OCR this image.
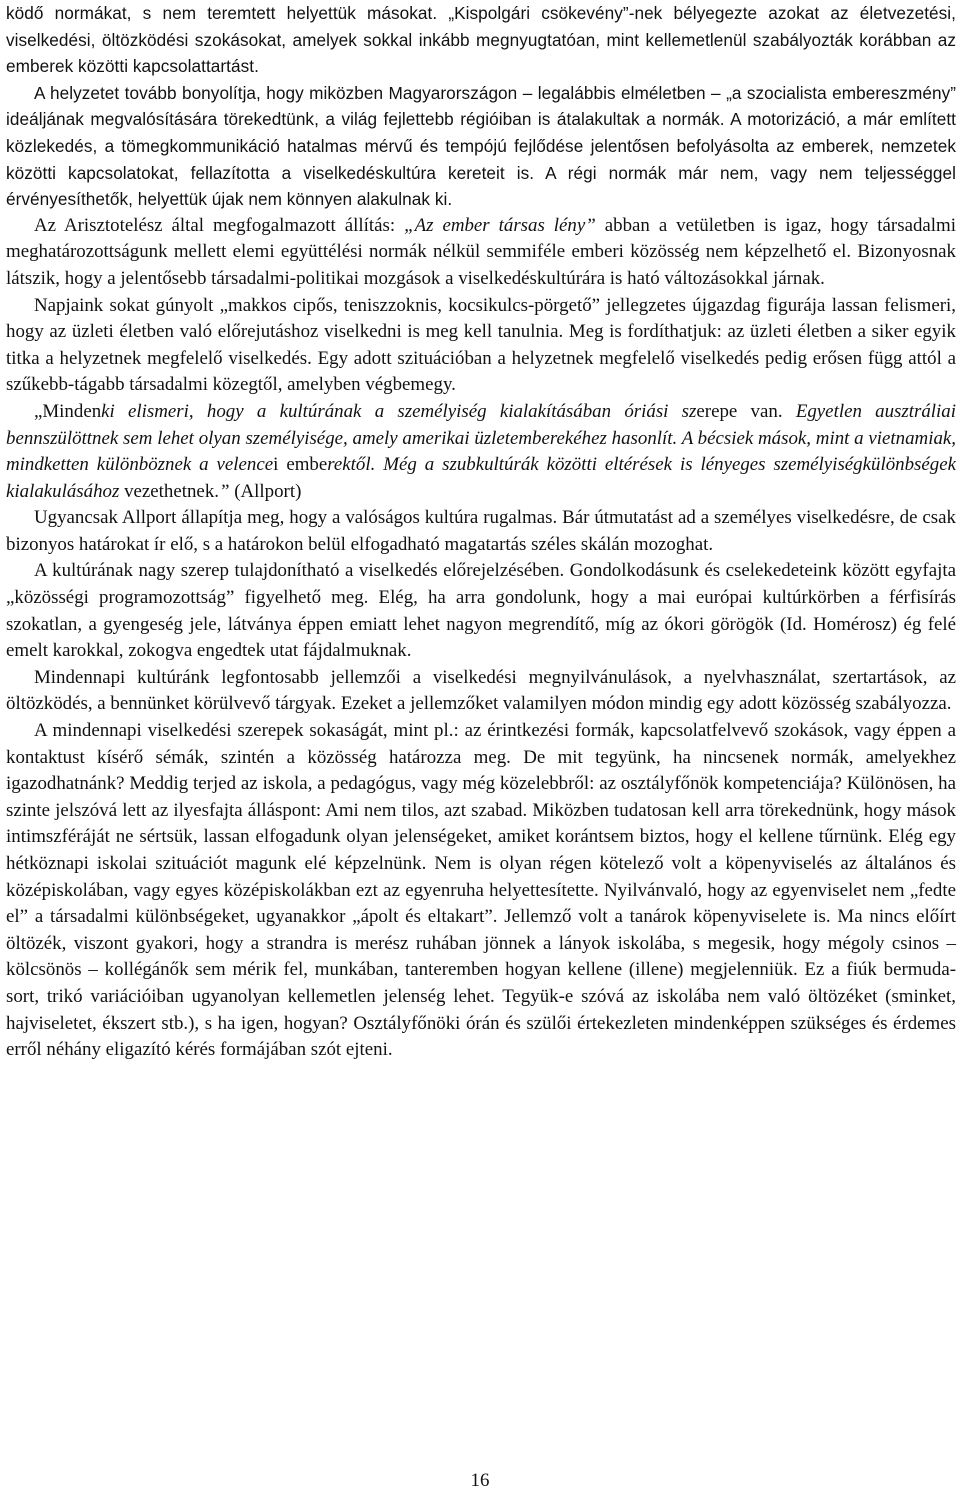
ködő normákat, s nem teremtett helyettük másokat. „Kispolgári csökevény”-nek bélyegezte azokat az életvezetési, viselkedési, öltözködési szokásokat, amelyek sokkal inkább megnyugtatóan, mint kellemetlenül szabályozták korábban az emberek közötti kapcsolattartást.

A helyzetet tovább bonyolítja, hogy miközben Magyarországon – legalábbis elméletben – „a szocialista embereszmény” ideáljának megvalósítására törekedtünk, a világ fejlettebb régióiban is átalakultak a normák. A motorizáció, a már említett közlekedés, a tömegkommunikáció hatalmas mérvű és tempójú fejlődése jelentősen befolyásolta az emberek, nemzetek közötti kapcsolatokat, fellazította a viselkedéskultúra kereteit is. A régi normák már nem, vagy nem teljességgel érvényesíthetők, helyettük újak nem könnyen alakulnak ki.

Az Arisztotelész által megfogalmazott állítás: „Az ember társas lény” abban a vetületben is igaz, hogy társadalmi meghatározottságunk mellett elemi együttélési normák nélkül semmiféle emberi közösség nem képzelhető el. Bizonyosnak látszik, hogy a jelentősebb társadalmi-politikai mozgások a viselkedéskultúrára is ható változásokkal járnak.

Napjaink sokat gúnyolt „makkos cipős, teniszzoknis, kocsikulcs-pörgető” jellegzetes újgazdag figurája lassan felismeri, hogy az üzleti életben való előrejutáshoz viselkedni is meg kell tanulnia. Meg is fordíthatjuk: az üzleti életben a siker egyik titka a helyzetnek megfelelő viselkedés. Egy adott szituációban a helyzetnek megfelelő viselkedés pedig erősen függ attól a szűkebb-tágabb társadalmi közegtől, amelyben végbemegy.

„Mindenki elismeri, hogy a kultúrának a személyiség kialakításában óriási szerepe van. Egyetlen ausztráliai bennszülöttnek sem lehet olyan személyisége, amely amerikai üzletemberekéhez hasonlít. A bécsiek mások, mint a vietnamiak, mindketten különböznek a velencei emberektől. Még a szubkultúrák közötti eltérések is lényeges személyiségkülönbségek kialakulásához vezethetnek.” (Allport)

Ugyancsak Allport állapítja meg, hogy a valóságos kultúra rugalmas. Bár útmutatást ad a személyes viselkedésre, de csak bizonyos határokat ír elő, s a határokon belül elfogadható magatartás széles skálán mozoghat.

A kultúrának nagy szerep tulajdonítható a viselkedés előrejelzésében. Gondolkodásunk és cselekedeteink között egyfajta „közösségi programozottság” figyelhető meg. Elég, ha arra gondolunk, hogy a mai európai kultúrkörben a férfisírás szokatlan, a gyengeség jele, látványa éppen emiatt lehet nagyon megrendítő, míg az ókori görögök (Id. Homérosz) ég felé emelt karokkal, zokogva engedtek utat fájdalmuknak.

Mindennapi kultúránk legfontosabb jellemzői a viselkedési megnyilvánulások, a nyelvhasználat, szertartások, az öltözködés, a bennünket körülvevő tárgyak. Ezeket a jellemzőket valamilyen módon mindig egy adott közösség szabályozza.

A mindennapi viselkedési szerepek sokaságát, mint pl.: az érintkezési formák, kapcsolatfelvevő szokások, vagy éppen a kontaktust kísérő sémák, szintén a közösség határozza meg. De mit tegyünk, ha nincsenek normák, amelyekhez igazodhatnánk? Meddig terjed az iskola, a pedagógus, vagy még közelebbről: az osztályfőnök kompetenciája? Különösen, ha szinte jelszóvá lett az ilyesfajta álláspont: Ami nem tilos, azt szabad. Miközben tudatosan kell arra törekednünk, hogy mások intimszféráját ne sértsük, lassan elfogadunk olyan jelenségeket, amiket korántsem biztos, hogy el kellene tűrnünk. Elég egy hétköznapi iskolai szituációt magunk elé képzelnünk. Nem is olyan régen kötelező volt a köpenyviselés az általános és középiskolában, vagy egyes középiskolákban ezt az egyenruha helyettesítette. Nyilvánvaló, hogy az egyenviselet nem „fedte el” a társadalmi különbségeket, ugyanakkor „ápolt és eltakart”. Jellemző volt a tanárok köpenyviselete is. Ma nincs előírt öltözék, viszont gyakori, hogy a strandra is merész ruhában jönnek a lányok iskolába, s megesik, hogy mégoly csinos – kölcsönös – kollégánők sem mérik fel, munkában, tanteremben hogyan kellene (illene) megjelenniük. Ez a fiúk bermuda-sort, trikó variációiban ugyanolyan kellemetlen jelenség lehet. Tegyük-e szóvá az iskolába nem való öltözéket (sminket, hajviseletet, ékszert stb.), s ha igen, hogyan? Osztályfőnöki órán és szülői értekezleten mindenképpen szükséges és érdemes erről néhány eligazító kérés formájában szót ejteni.

16
